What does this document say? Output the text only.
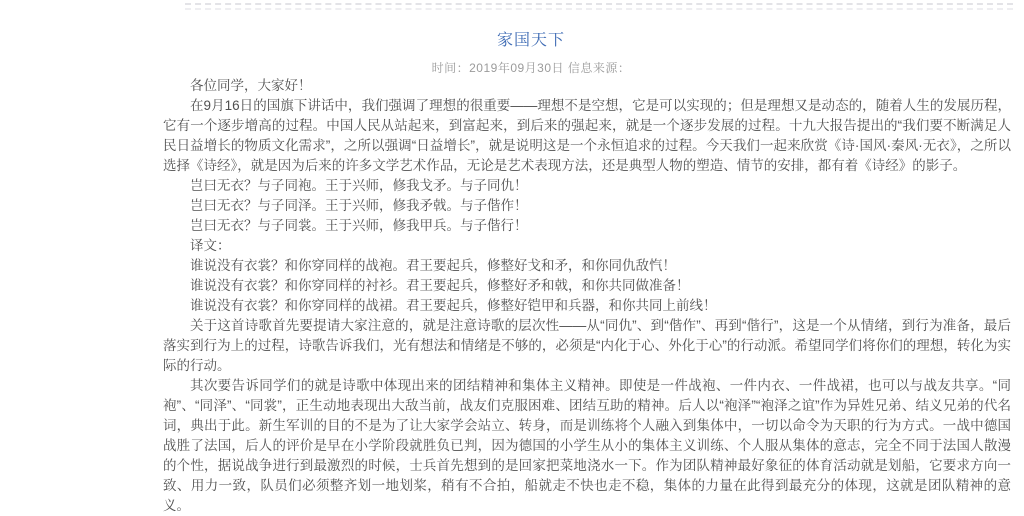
家国天下
时间：2019年09月30日 信息来源：

各位同学，大家好！

在9月16日的国旗下讲话中，我们强调了理想的很重要——理想不是空想，它是可以实现的；但是理想又是动态的，随着人生的发展历程，它有一个逐步增高的过程。中国人民从站起来，到富起来，到后来的强起来，就是一个逐步发展的过程。十九大报告提出的“我们要不断满足人民日益增长的物质文化需求”，之所以强调“日益增长”，就是说明这是一个永恒追求的过程。今天我们一起来欣赏《诗·国风·秦风·无衣》，之所以选择《诗经》，就是因为后来的许多文学艺术作品，无论是艺术表现方法，还是典型人物的塑造、情节的安排，都有着《诗经》的影子。

岂曰无衣？与子同袍。王于兴师，修我戈矛。与子同仇！

岂曰无衣？与子同泽。王于兴师，修我矛戟。与子偕作！

岂曰无衣？与子同裳。王于兴师，修我甲兵。与子偕行！

译文：

谁说没有衣裳？和你穿同样的战袍。君王要起兵，修整好戈和矛，和你同仇敌忾！

谁说没有衣裳？和你穿同样的衬衫。君王要起兵，修整好矛和戟，和你共同做准备！

谁说没有衣裳？和你穿同样的战裙。君王要起兵，修整好铠甲和兵器，和你共同上前线！

关于这首诗歌首先要提请大家注意的，就是注意诗歌的层次性——从“同仇”、到“偕作”、再到“偕行”，这是一个从情绪，到行为准备，最后落实到行为上的过程，诗歌告诉我们，光有想法和情绪是不够的，必须是“内化于心、外化于心”的行动派。希望同学们将你们的理想，转化为实际的行动。

其次要告诉同学们的就是诗歌中体现出来的团结精神和集体主义精神。即使是一件战袍、一件内衣、一件战裙，也可以与战友共享。“同袍”、“同泽”、“同裳”，正生动地表现出大敌当前，战友们克服困难、团结互助的精神。后人以“袍泽”“袍泽之谊”作为异姓兄弟、结义兄弟的代名词，典出于此。新生军训的目的不是为了让大家学会站立、转身，而是训练将个人融入到集体中，一切以命令为天职的行为方式。一战中德国战胜了法国，后人的评价是早在小学阶段就胜负已判，因为德国的小学生从小的集体主义训练、个人服从集体的意志，完全不同于法国人散漫的个性，据说战争进行到最激烈的时候，士兵首先想到的是回家把菜地浇水一下。作为团队精神最好象征的体育活动就是划船，它要求方向一致、用力一致，队员们必须整齐划一地划桨，稍有不合拍，船就走不快也走不稳，集体的力量在此得到最充分的体现，这就是团队精神的意义。
